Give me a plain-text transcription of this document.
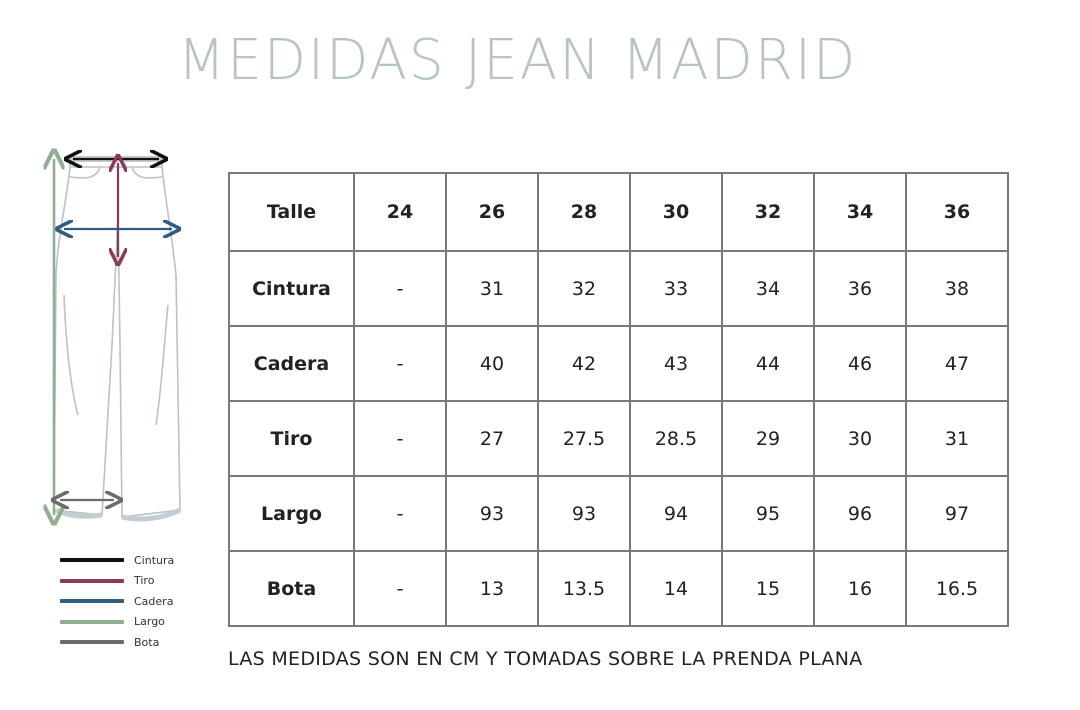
MEDIDAS JEAN MADRID
Cintura
Tiro
Cadera
Largo
Bota
Talle	24	26	28	30	32	34	36
Cintura	-	31	32	33	34	36	38
Cadera	-	40	42	43	44	46	47
Tiro	-	27	27.5	28.5	29	30	31
Largo	-	93	93	94	95	96	97
Bota	-	13	13.5	14	15	16	16.5
LAS MEDIDAS SON EN CM Y TOMADAS SOBRE LA PRENDA PLANA
